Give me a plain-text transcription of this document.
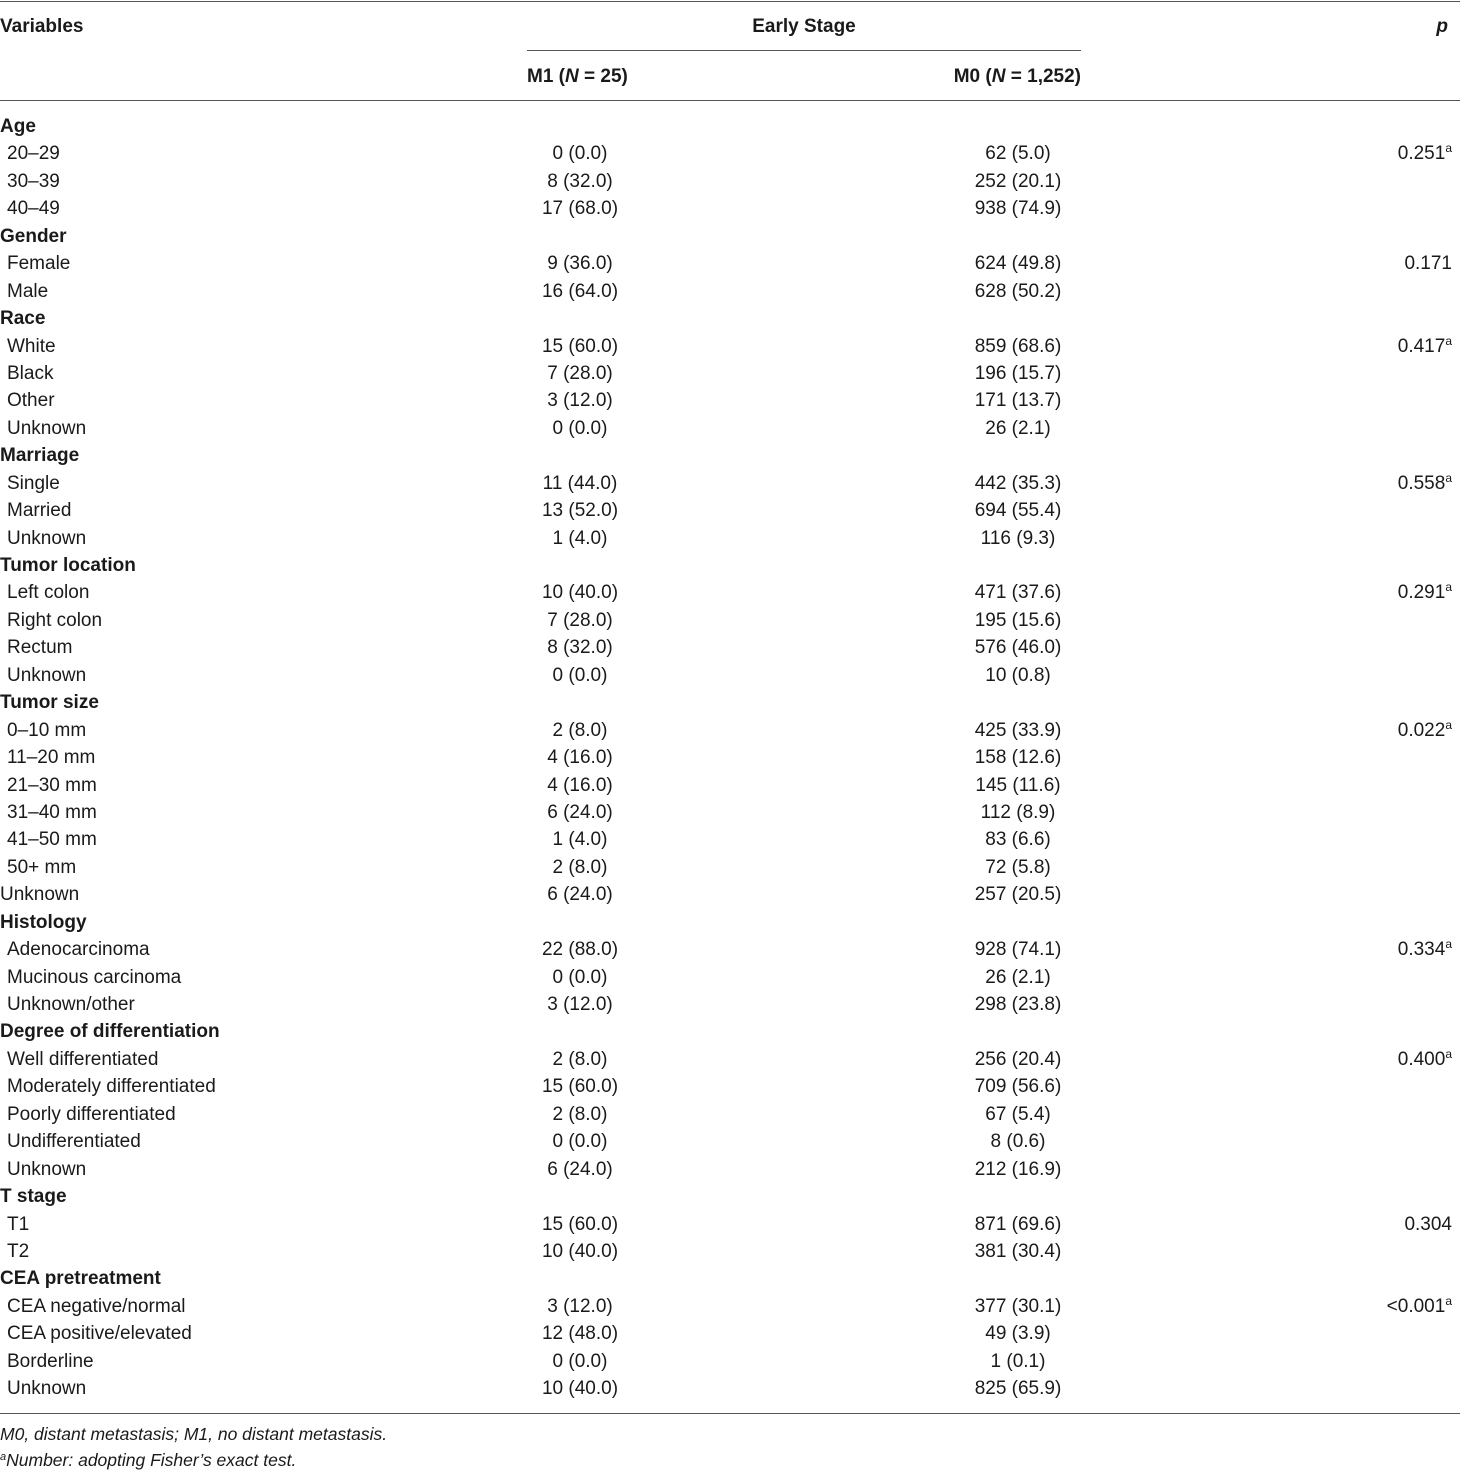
Variables	Early Stage	p
M1 (N = 25)	M0 (N = 1,252)
Age
20–29	0 (0.0)	62 (5.0)	0.251$^a$
30–39	8 (32.0)	252 (20.1)
40–49	17 (68.0)	938 (74.9)
Gender
Female	9 (36.0)	624 (49.8)	0.171
Male	16 (64.0)	628 (50.2)
Race
White	15 (60.0)	859 (68.6)	0.417$^a$
Black	7 (28.0)	196 (15.7)
Other	3 (12.0)	171 (13.7)
Unknown	0 (0.0)	26 (2.1)
Marriage
Single	11 (44.0)	442 (35.3)	0.558$^a$
Married	13 (52.0)	694 (55.4)
Unknown	1 (4.0)	116 (9.3)
Tumor location
Left colon	10 (40.0)	471 (37.6)	0.291$^a$
Right colon	7 (28.0)	195 (15.6)
Rectum	8 (32.0)	576 (46.0)
Unknown	0 (0.0)	10 (0.8)
Tumor size
0–10 mm	2 (8.0)	425 (33.9)	0.022$^a$
11–20 mm	4 (16.0)	158 (12.6)
21–30 mm	4 (16.0)	145 (11.6)
31–40 mm	6 (24.0)	112 (8.9)
41–50 mm	1 (4.0)	83 (6.6)
50+ mm	2 (8.0)	72 (5.8)
Unknown	6 (24.0)	257 (20.5)
Histology
Adenocarcinoma	22 (88.0)	928 (74.1)	0.334$^a$
Mucinous carcinoma	0 (0.0)	26 (2.1)
Unknown/other	3 (12.0)	298 (23.8)
Degree of differentiation
Well differentiated	2 (8.0)	256 (20.4)	0.400$^a$
Moderately differentiated	15 (60.0)	709 (56.6)
Poorly differentiated	2 (8.0)	67 (5.4)
Undifferentiated	0 (0.0)	8 (0.6)
Unknown	6 (24.0)	212 (16.9)
T stage
T1	15 (60.0)	871 (69.6)	0.304
T2	10 (40.0)	381 (30.4)
CEA pretreatment
CEA negative/normal	3 (12.0)	377 (30.1)	<0.001$^a$
CEA positive/elevated	12 (48.0)	49 (3.9)
Borderline	0 (0.0)	1 (0.1)
Unknown	10 (40.0)	825 (65.9)
M0, distant metastasis; M1, no distant metastasis.
$^a$Number: adopting Fisher’s exact test.
